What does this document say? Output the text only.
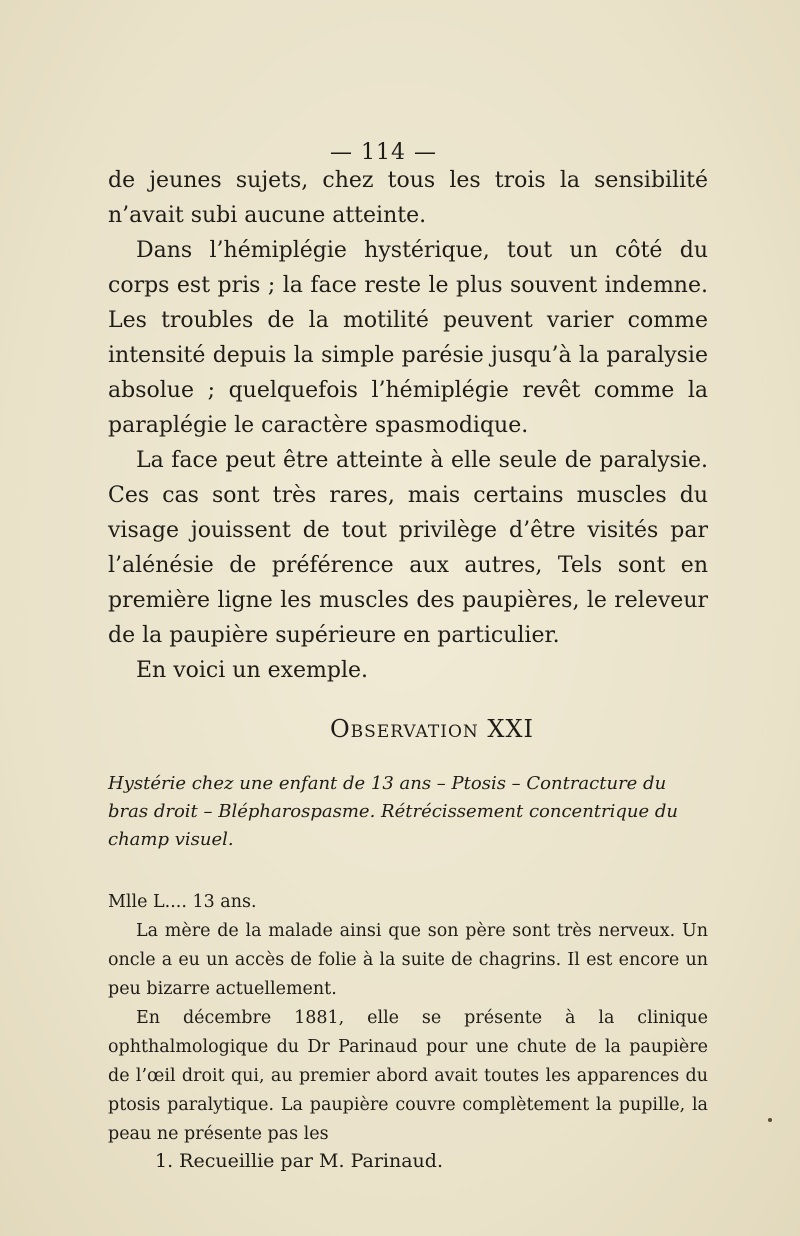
— 114 —

de jeunes sujets, chez tous les trois la sensibilité n’avait subi aucune atteinte.

Dans l’hémiplégie hystérique, tout un côté du corps est pris ; la face reste le plus souvent indemne. Les troubles de la motilité peuvent varier comme intensité depuis la simple parésie jusqu’à la paralysie absolue ; quelquefois l’hémiplégie revêt comme la paraplégie le caractère spasmodique.

La face peut être atteinte à elle seule de paralysie. Ces cas sont très rares, mais certains muscles du visage jouissent de tout privilège d’être visités par l’alénésie de préférence aux autres, Tels sont en première ligne les muscles des paupières, le releveur de la paupière supérieure en particulier.

En voici un exemple.

Observation XXI

Hystérie chez une enfant de 13 ans – Ptosis – Contracture du bras droit – Blépharospasme. Rétrécissement concentrique du champ visuel.

Mlle L.... 13 ans.

La mère de la malade ainsi que son père sont très nerveux. Un oncle a eu un accès de folie à la suite de chagrins. Il est encore un peu bizarre actuellement.

En décembre 1881, elle se présente à la clinique ophthalmologique du Dr Parinaud pour une chute de la paupière de l’œil droit qui, au premier abord avait toutes les apparences du ptosis paralytique. La paupière couvre complètement la pupille, la peau ne présente pas les

1. Recueillie par M. Parinaud.
